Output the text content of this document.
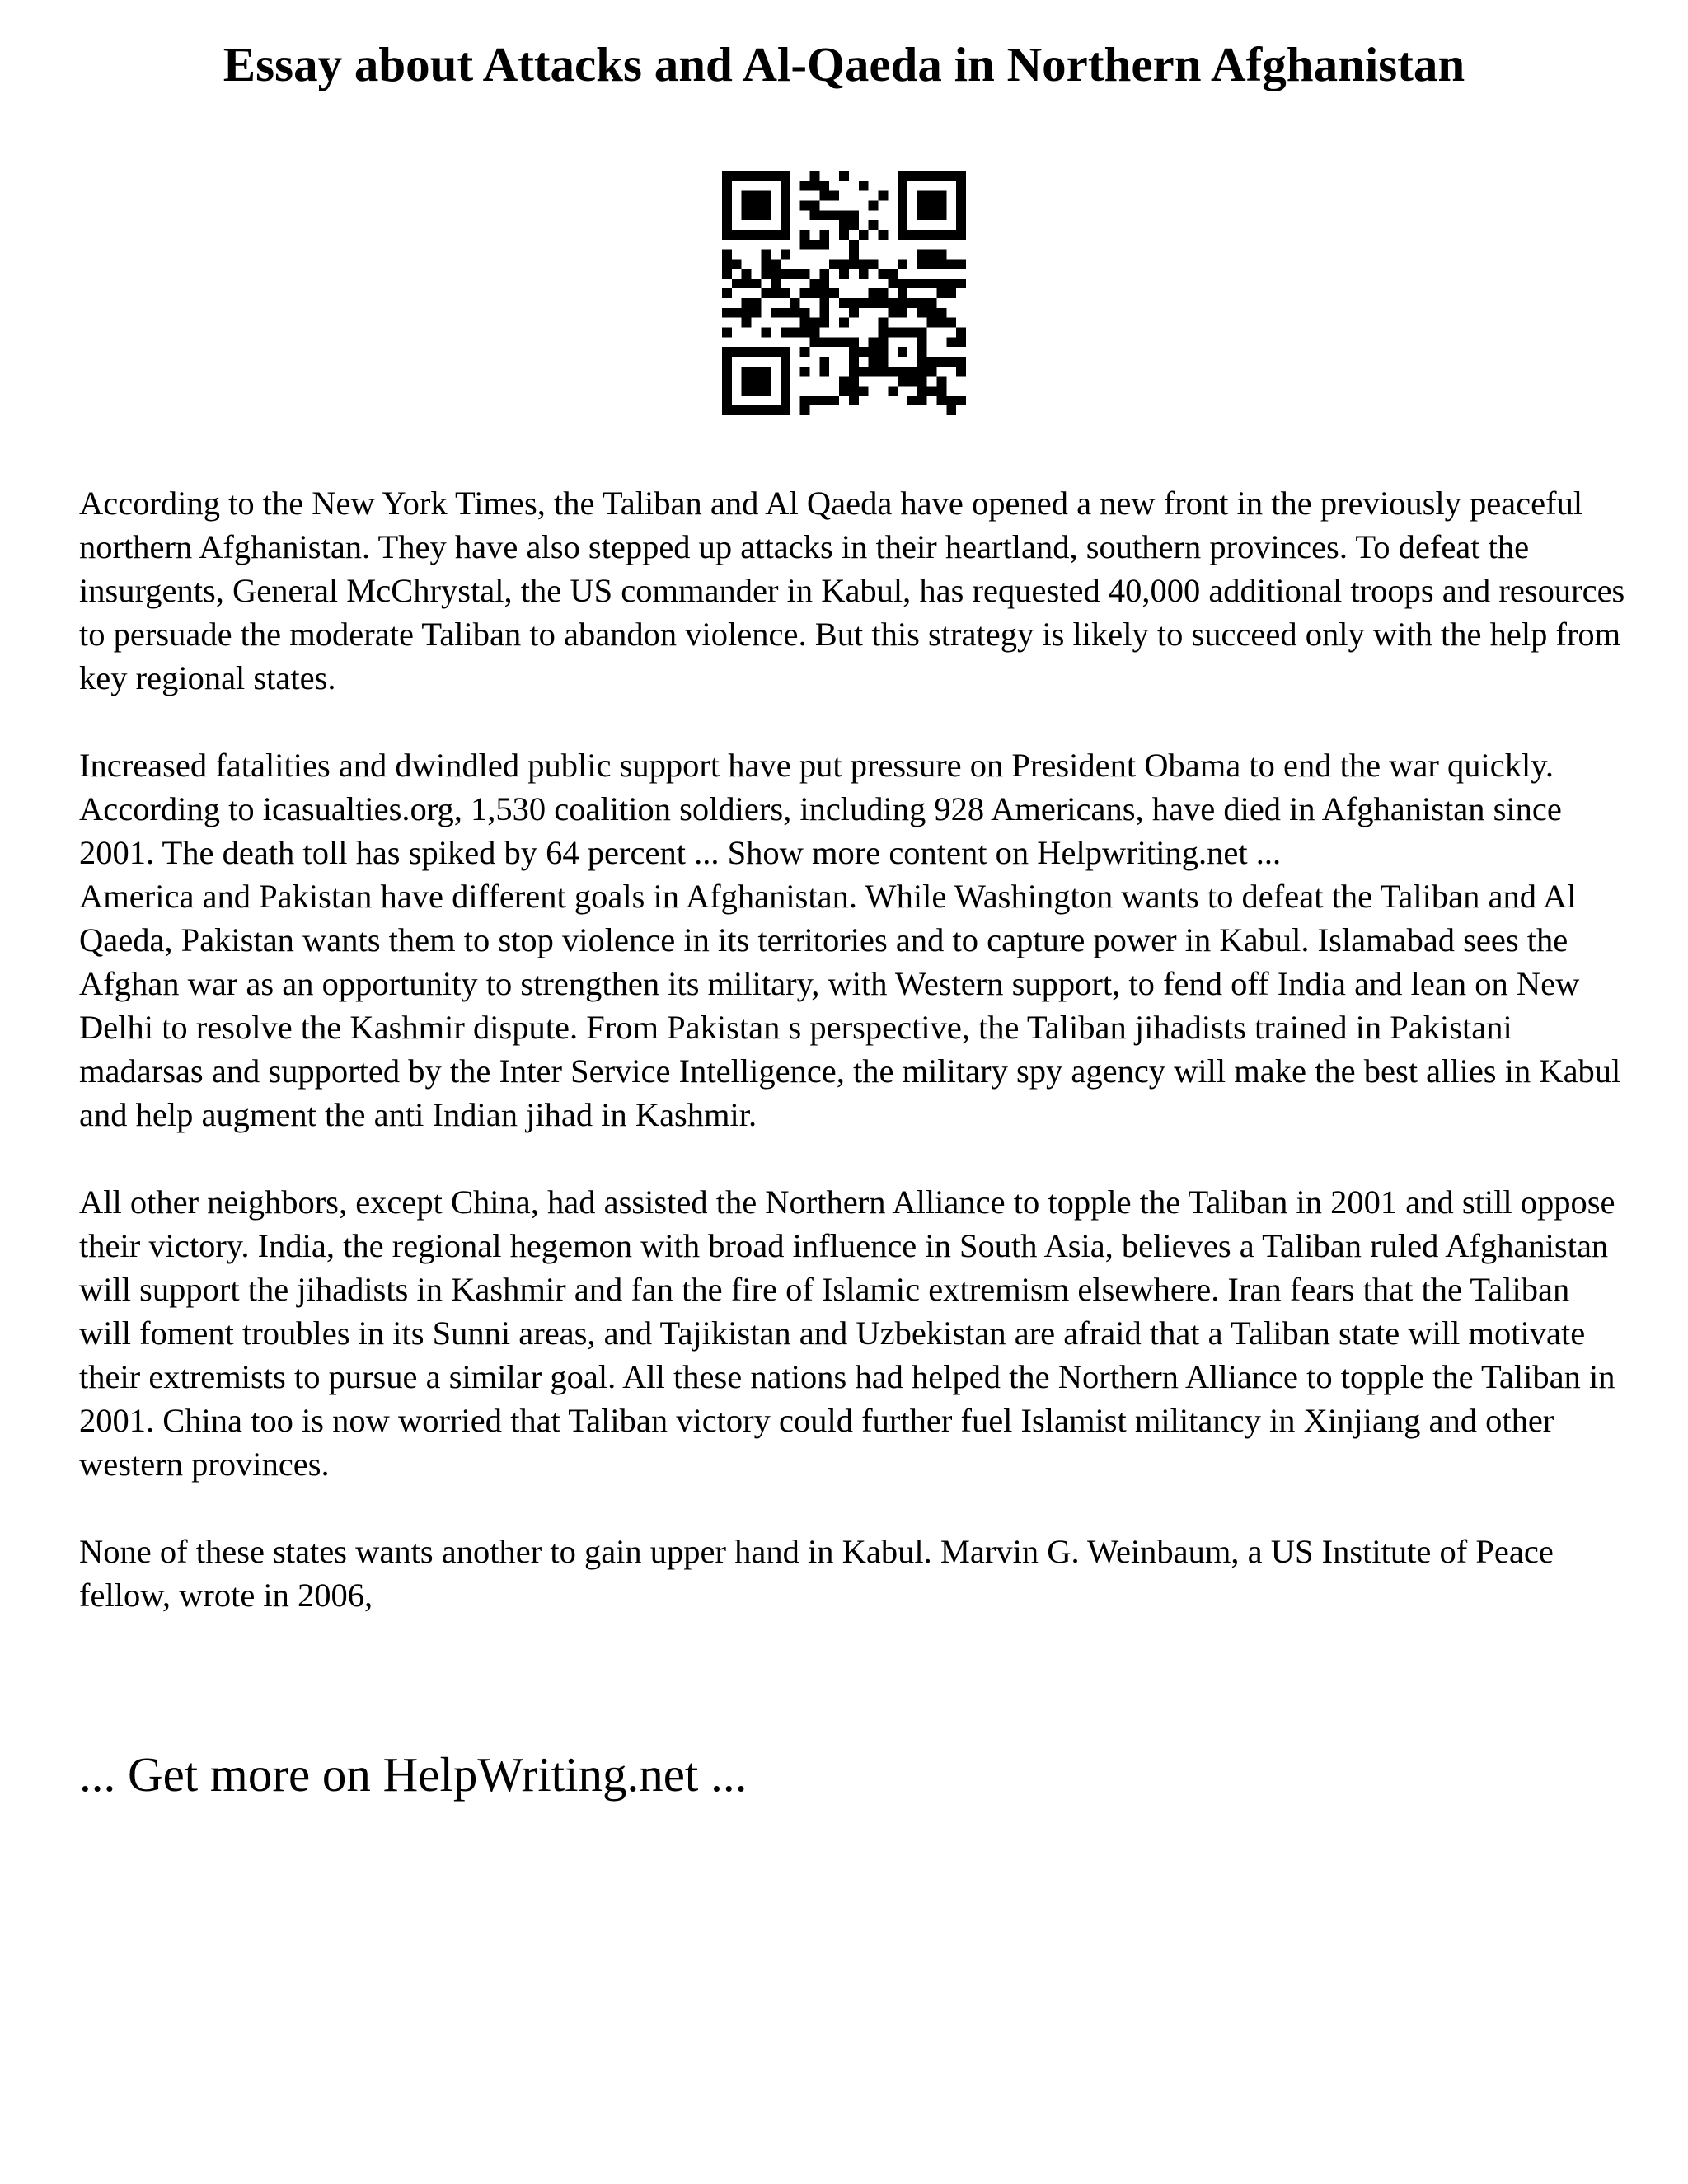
Essay about Attacks and Al-Qaeda in Northern Afghanistan

According to the New York Times, the Taliban and Al Qaeda have opened a new front in the previously peaceful northern Afghanistan. They have also stepped up attacks in their heartland, southern provinces. To defeat the insurgents, General McChrystal, the US commander in Kabul, has requested 40,000 additional troops and resources to persuade the moderate Taliban to abandon violence. But this strategy is likely to succeed only with the help from key regional states.

Increased fatalities and dwindled public support have put pressure on President Obama to end the war quickly. According to icasualties.org, 1,530 coalition soldiers, including 928 Americans, have died in Afghanistan since 2001. The death toll has spiked by 64 percent ... Show more content on Helpwriting.net ...

America and Pakistan have different goals in Afghanistan. While Washington wants to defeat the Taliban and Al Qaeda, Pakistan wants them to stop violence in its territories and to capture power in Kabul. Islamabad sees the Afghan war as an opportunity to strengthen its military, with Western support, to fend off India and lean on New Delhi to resolve the Kashmir dispute. From Pakistan s perspective, the Taliban jihadists trained in Pakistani madarsas and supported by the Inter Service Intelligence, the military spy agency will make the best allies in Kabul and help augment the anti Indian jihad in Kashmir.

All other neighbors, except China, had assisted the Northern Alliance to topple the Taliban in 2001 and still oppose their victory. India, the regional hegemon with broad influence in South Asia, believes a Taliban ruled Afghanistan will support the jihadists in Kashmir and fan the fire of Islamic extremism elsewhere. Iran fears that the Taliban will foment troubles in its Sunni areas, and Tajikistan and Uzbekistan are afraid that a Taliban state will motivate their extremists to pursue a similar goal. All these nations had helped the Northern Alliance to topple the Taliban in 2001. China too is now worried that Taliban victory could further fuel Islamist militancy in Xinjiang and other western provinces.

None of these states wants another to gain upper hand in Kabul. Marvin G. Weinbaum, a US Institute of Peace fellow, wrote in 2006,

... Get more on HelpWriting.net ...
